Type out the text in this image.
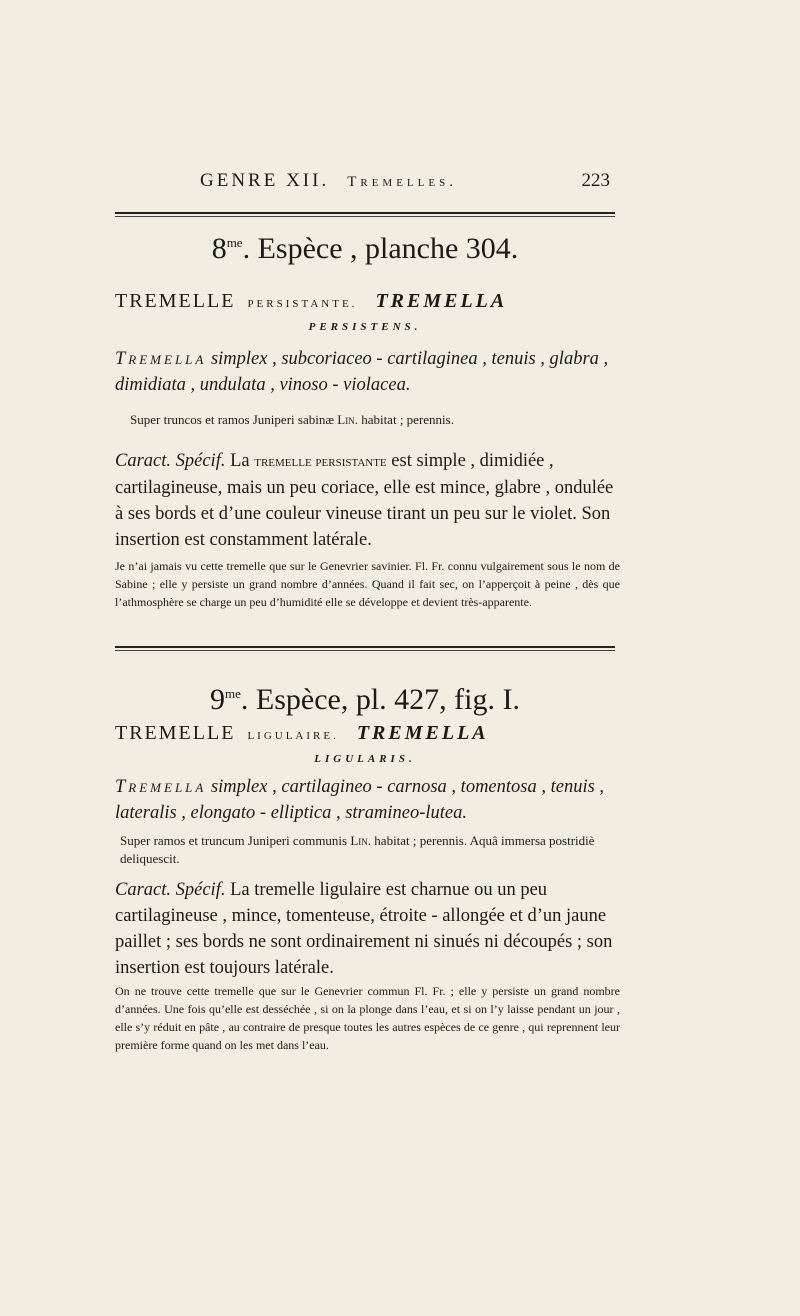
GENRE XII. Tremelles.	223
$8^{me}$. Espèce , planche 304.
TREMELLE PERSISTANTE. TREMELLA
PERSISTENS.
Tremella simplex , subcoriaceo - cartilaginea , tenuis , glabra , dimidiata , undulata , vinoso - violacea.
Super truncos et ramos Juniperi sabinæ Lin. habitat ; perennis.
Caract. Spécif. La tremelle persistante est simple , dimidiée , cartilagineuse, mais un peu coriace, elle est mince, glabre , ondulée à ses bords et d’une couleur vineuse tirant un peu sur le violet. Son insertion est constamment latérale.
Je n’ai jamais vu cette tremelle que sur le Genevrier savinier. Fl. Fr. connu vulgairement sous le nom de Sabine ; elle y persiste un grand nombre d’années. Quand il fait sec, on l’apperçoit à peine , dès que l’athmosphère se charge un peu d’humidité elle se développe et devient très-apparente.
$9^{me}$. Espèce, pl. 427, fig. I.
TREMELLE LIGULAIRE. TREMELLA
LIGULARIS.
Tremella simplex , cartilagineo - carnosa , tomentosa , tenuis , lateralis , elongato - elliptica , stramineo-lutea.
Super ramos et truncum Juniperi communis Lin. habitat ; perennis. Aquâ immersa postridiè deliquescit.
Caract. Spécif. La tremelle ligulaire est charnue ou un peu cartilagineuse , mince, tomenteuse, étroite - allongée et d’un jaune paillet ; ses bords ne sont ordinairement ni sinués ni découpés ; son insertion est toujours latérale.
On ne trouve cette tremelle que sur le Genevrier commun Fl. Fr. ; elle y persiste un grand nombre d’années. Une fois qu’elle est desséchée , si on la plonge dans l’eau, et si on l’y laisse pendant un jour , elle s’y réduit en pâte , au contraire de presque toutes les autres espèces de ce genre , qui reprennent leur première forme quand on les met dans l’eau.
